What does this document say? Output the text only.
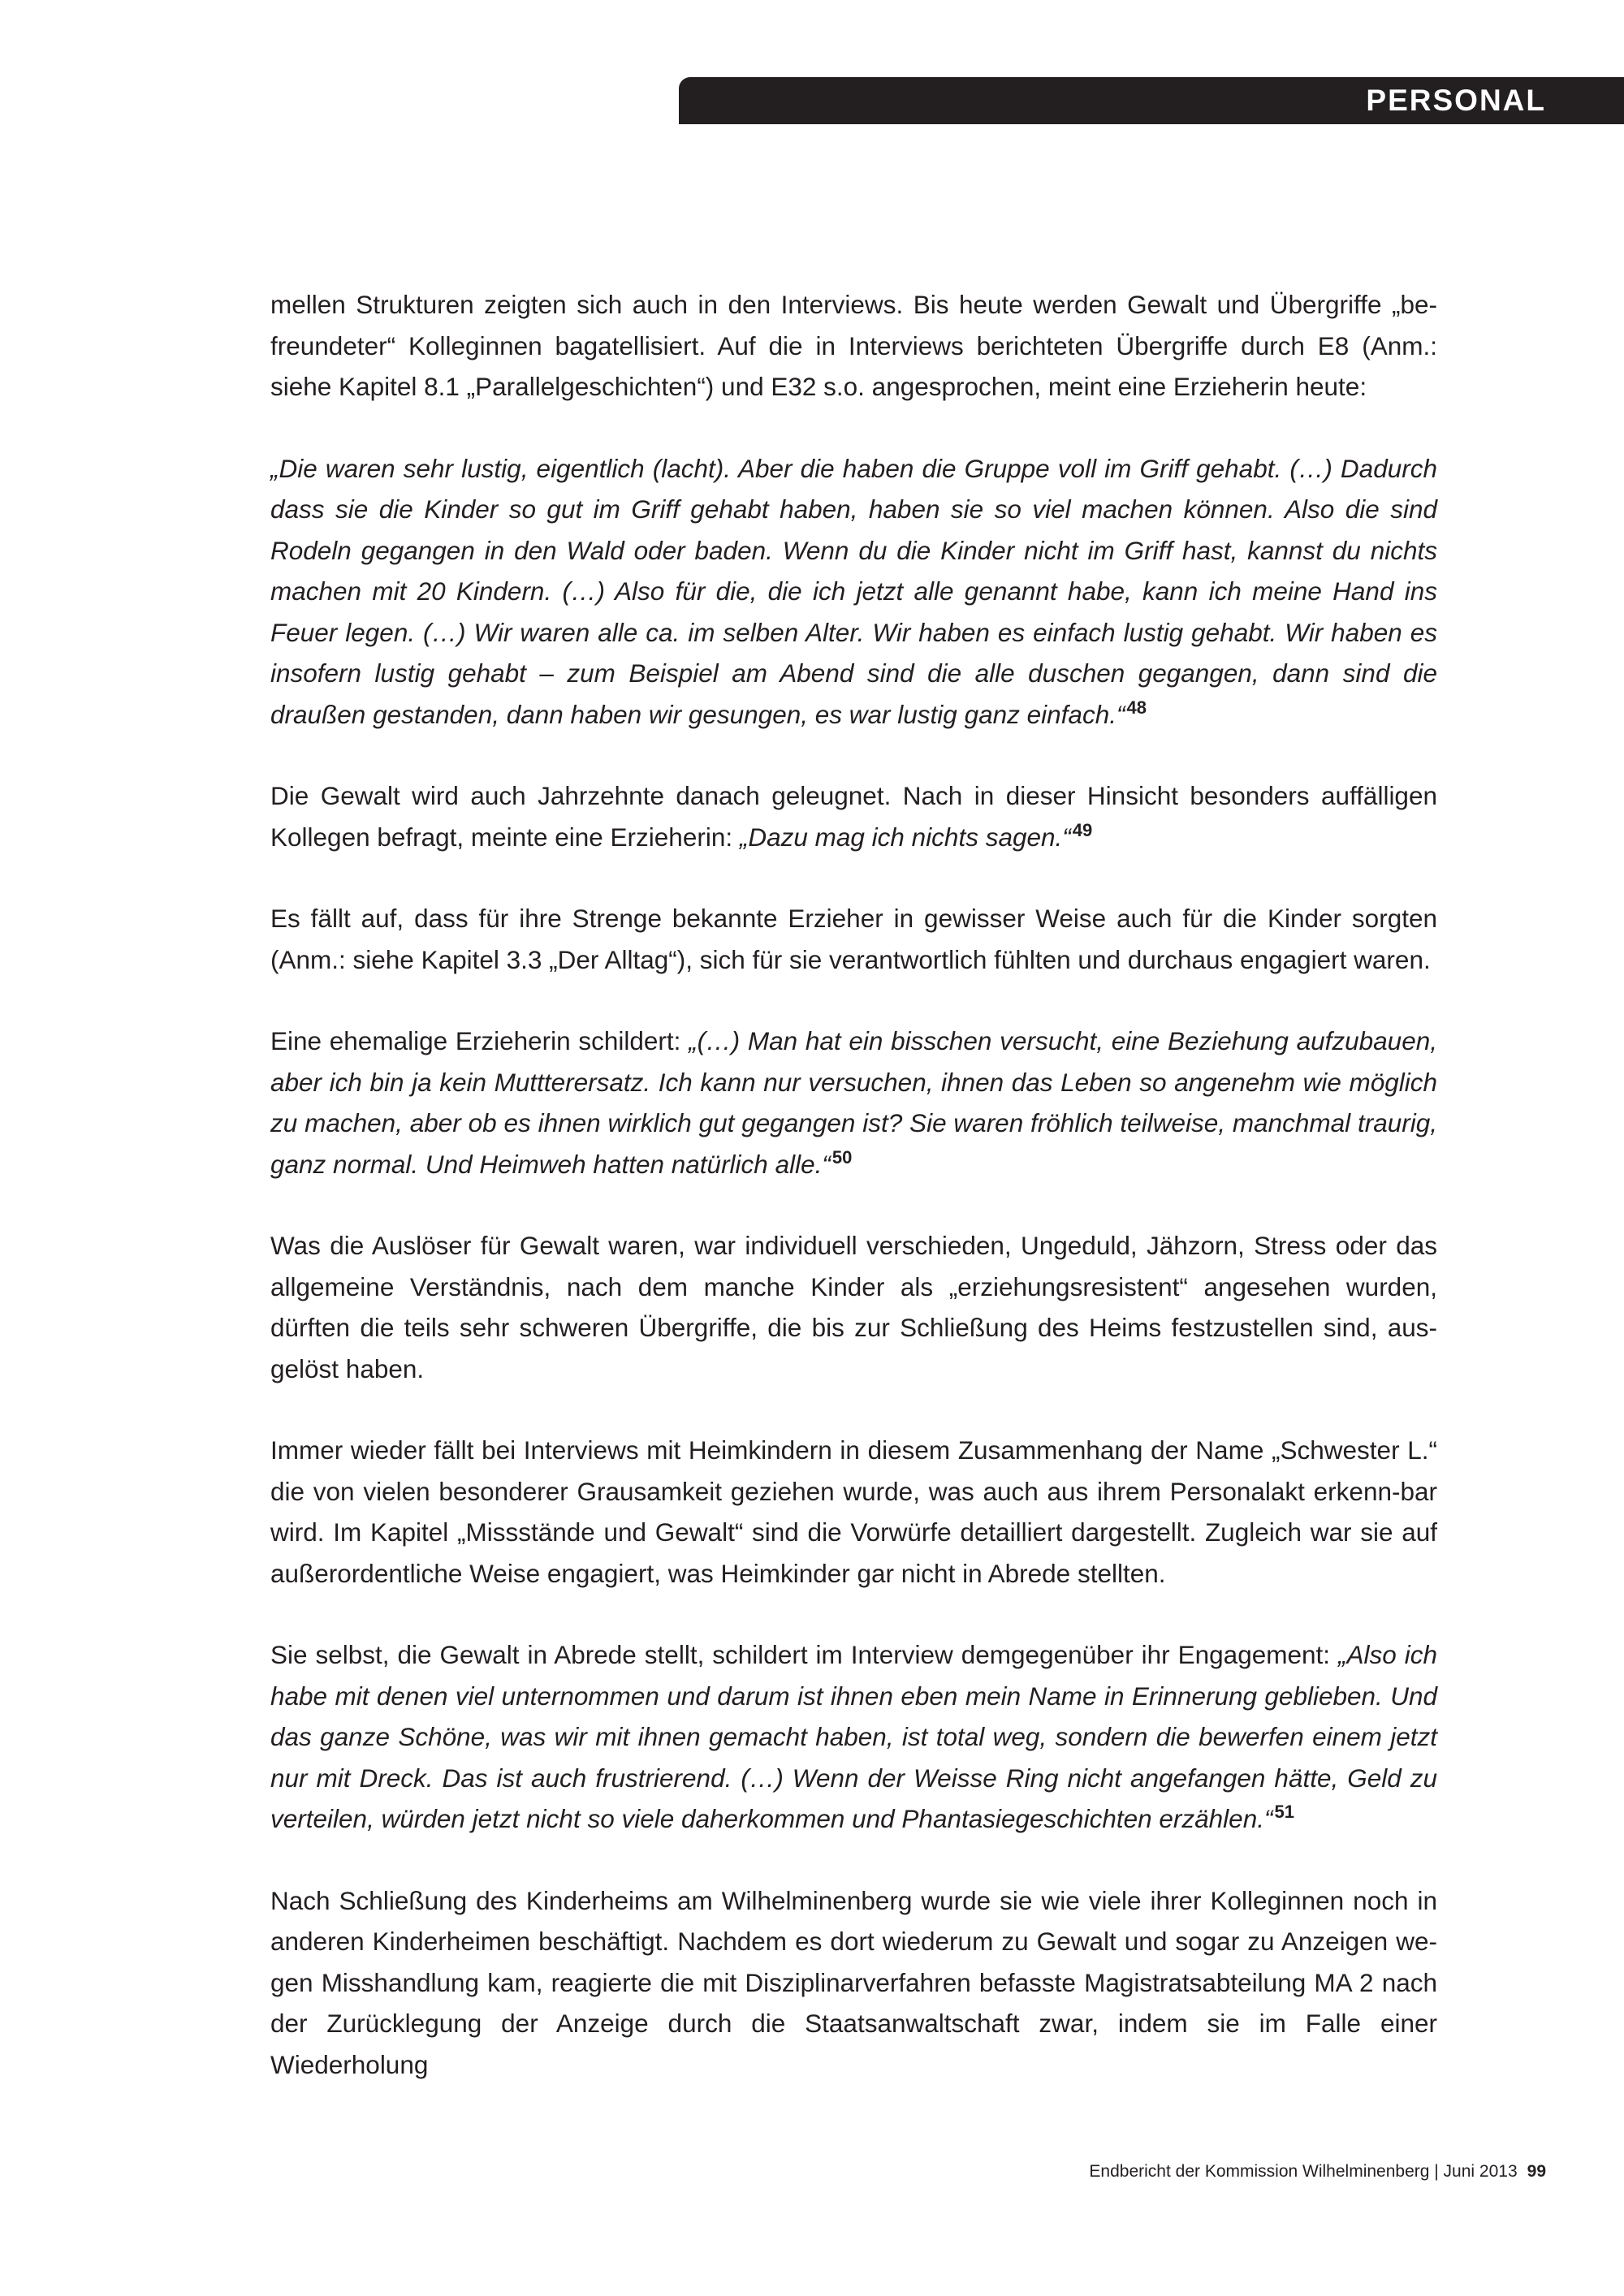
PERSONAL

mellen Strukturen zeigten sich auch in den Interviews. Bis heute werden Gewalt und Übergriffe „be-freundeter“ Kolleginnen bagatellisiert. Auf die in Interviews berichteten Übergriffe durch E8 (Anm.: siehe Kapitel 8.1 „Parallelgeschichten“) und E32 s.o. angesprochen, meint eine Erzieherin heute:

„Die waren sehr lustig, eigentlich (lacht). Aber die haben die Gruppe voll im Griff gehabt. (…) Dadurch dass sie die Kinder so gut im Griff gehabt haben, haben sie so viel machen können. Also die sind Rodeln gegangen in den Wald oder baden. Wenn du die Kinder nicht im Griff hast, kannst du nichts machen mit 20 Kindern. (…) Also für die, die ich jetzt alle genannt habe, kann ich meine Hand ins Feuer legen. (…) Wir waren alle ca. im selben Alter. Wir haben es einfach lustig gehabt. Wir haben es insofern lustig gehabt – zum Beispiel am Abend sind die alle duschen gegangen, dann sind die draußen gestanden, dann haben wir gesungen, es war lustig ganz einfach.“$^{48}$

Die Gewalt wird auch Jahrzehnte danach geleugnet. Nach in dieser Hinsicht besonders auffälligen Kollegen befragt, meinte eine Erzieherin: „Dazu mag ich nichts sagen.“$^{49}$

Es fällt auf, dass für ihre Strenge bekannte Erzieher in gewisser Weise auch für die Kinder sorgten (Anm.: siehe Kapitel 3.3 „Der Alltag“), sich für sie verantwortlich fühlten und durchaus engagiert waren.

Eine ehemalige Erzieherin schildert: „(…) Man hat ein bisschen versucht, eine Beziehung aufzubauen, aber ich bin ja kein Muttterersatz. Ich kann nur versuchen, ihnen das Leben so angenehm wie möglich zu machen, aber ob es ihnen wirklich gut gegangen ist? Sie waren fröhlich teilweise, manchmal traurig, ganz normal. Und Heimweh hatten natürlich alle.“$^{50}$

Was die Auslöser für Gewalt waren, war individuell verschieden, Ungeduld, Jähzorn, Stress oder das allgemeine Verständnis, nach dem manche Kinder als „erziehungsresistent“ angesehen wurden, dürften die teils sehr schweren Übergriffe, die bis zur Schließung des Heims festzustellen sind, aus-gelöst haben.

Immer wieder fällt bei Interviews mit Heimkindern in diesem Zusammenhang der Name „Schwester L.“ die von vielen besonderer Grausamkeit geziehen wurde, was auch aus ihrem Personalakt erkenn-bar wird. Im Kapitel „Missstände und Gewalt“ sind die Vorwürfe detailliert dargestellt. Zugleich war sie auf außerordentliche Weise engagiert, was Heimkinder gar nicht in Abrede stellten.

Sie selbst, die Gewalt in Abrede stellt, schildert im Interview demgegenüber ihr Engagement: „Also ich habe mit denen viel unternommen und darum ist ihnen eben mein Name in Erinnerung geblieben. Und das ganze Schöne, was wir mit ihnen gemacht haben, ist total weg, sondern die bewerfen einem jetzt nur mit Dreck. Das ist auch frustrierend. (…) Wenn der Weisse Ring nicht angefangen hätte, Geld zu verteilen, würden jetzt nicht so viele daherkommen und Phantasiegeschichten erzählen.“$^{51}$

Nach Schließung des Kinderheims am Wilhelminenberg wurde sie wie viele ihrer Kolleginnen noch in anderen Kinderheimen beschäftigt. Nachdem es dort wiederum zu Gewalt und sogar zu Anzeigen we-gen Misshandlung kam, reagierte die mit Disziplinarverfahren befasste Magistratsabteilung MA 2 nach der Zurücklegung der Anzeige durch die Staatsanwaltschaft zwar, indem sie im Falle einer Wiederholung

Endbericht der Kommission Wilhelminenberg | Juni 2013 99
